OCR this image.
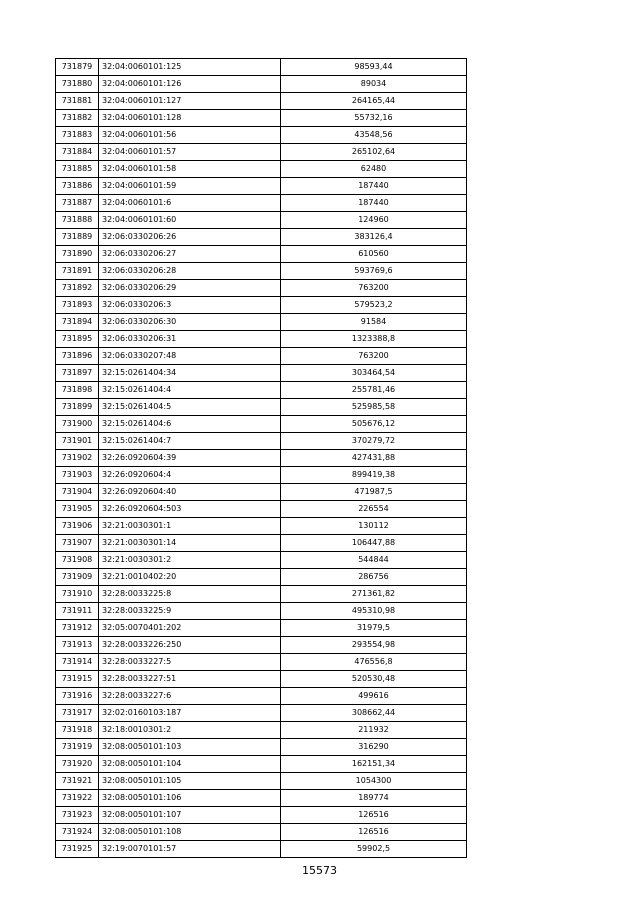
731879	32:04:0060101:125	98593,44
731880	32:04:0060101:126	89034
731881	32:04:0060101:127	264165,44
731882	32:04:0060101:128	55732,16
731883	32:04:0060101:56	43548,56
731884	32:04:0060101:57	265102,64
731885	32:04:0060101:58	62480
731886	32:04:0060101:59	187440
731887	32:04:0060101:6	187440
731888	32:04:0060101:60	124960
731889	32:06:0330206:26	383126,4
731890	32:06:0330206:27	610560
731891	32:06:0330206:28	593769,6
731892	32:06:0330206:29	763200
731893	32:06:0330206:3	579523,2
731894	32:06:0330206:30	91584
731895	32:06:0330206:31	1323388,8
731896	32:06:0330207:48	763200
731897	32:15:0261404:34	303464,54
731898	32:15:0261404:4	255781,46
731899	32:15:0261404:5	525985,58
731900	32:15:0261404:6	505676,12
731901	32:15:0261404:7	370279,72
731902	32:26:0920604:39	427431,88
731903	32:26:0920604:4	899419,38
731904	32:26:0920604:40	471987,5
731905	32:26:0920604:503	226554
731906	32:21:0030301:1	130112
731907	32:21:0030301:14	106447,88
731908	32:21:0030301:2	544844
731909	32:21:0010402:20	286756
731910	32:28:0033225:8	271361,82
731911	32:28:0033225:9	495310,98
731912	32:05:0070401:202	31979,5
731913	32:28:0033226:250	293554,98
731914	32:28:0033227:5	476556,8
731915	32:28:0033227:51	520530,48
731916	32:28:0033227:6	499616
731917	32:02:0160103:187	308662,44
731918	32:18:0010301:2	211932
731919	32:08:0050101:103	316290
731920	32:08:0050101:104	162151,34
731921	32:08:0050101:105	1054300
731922	32:08:0050101:106	189774
731923	32:08:0050101:107	126516
731924	32:08:0050101:108	126516
731925	32:19:0070101:57	59902,5
15573
